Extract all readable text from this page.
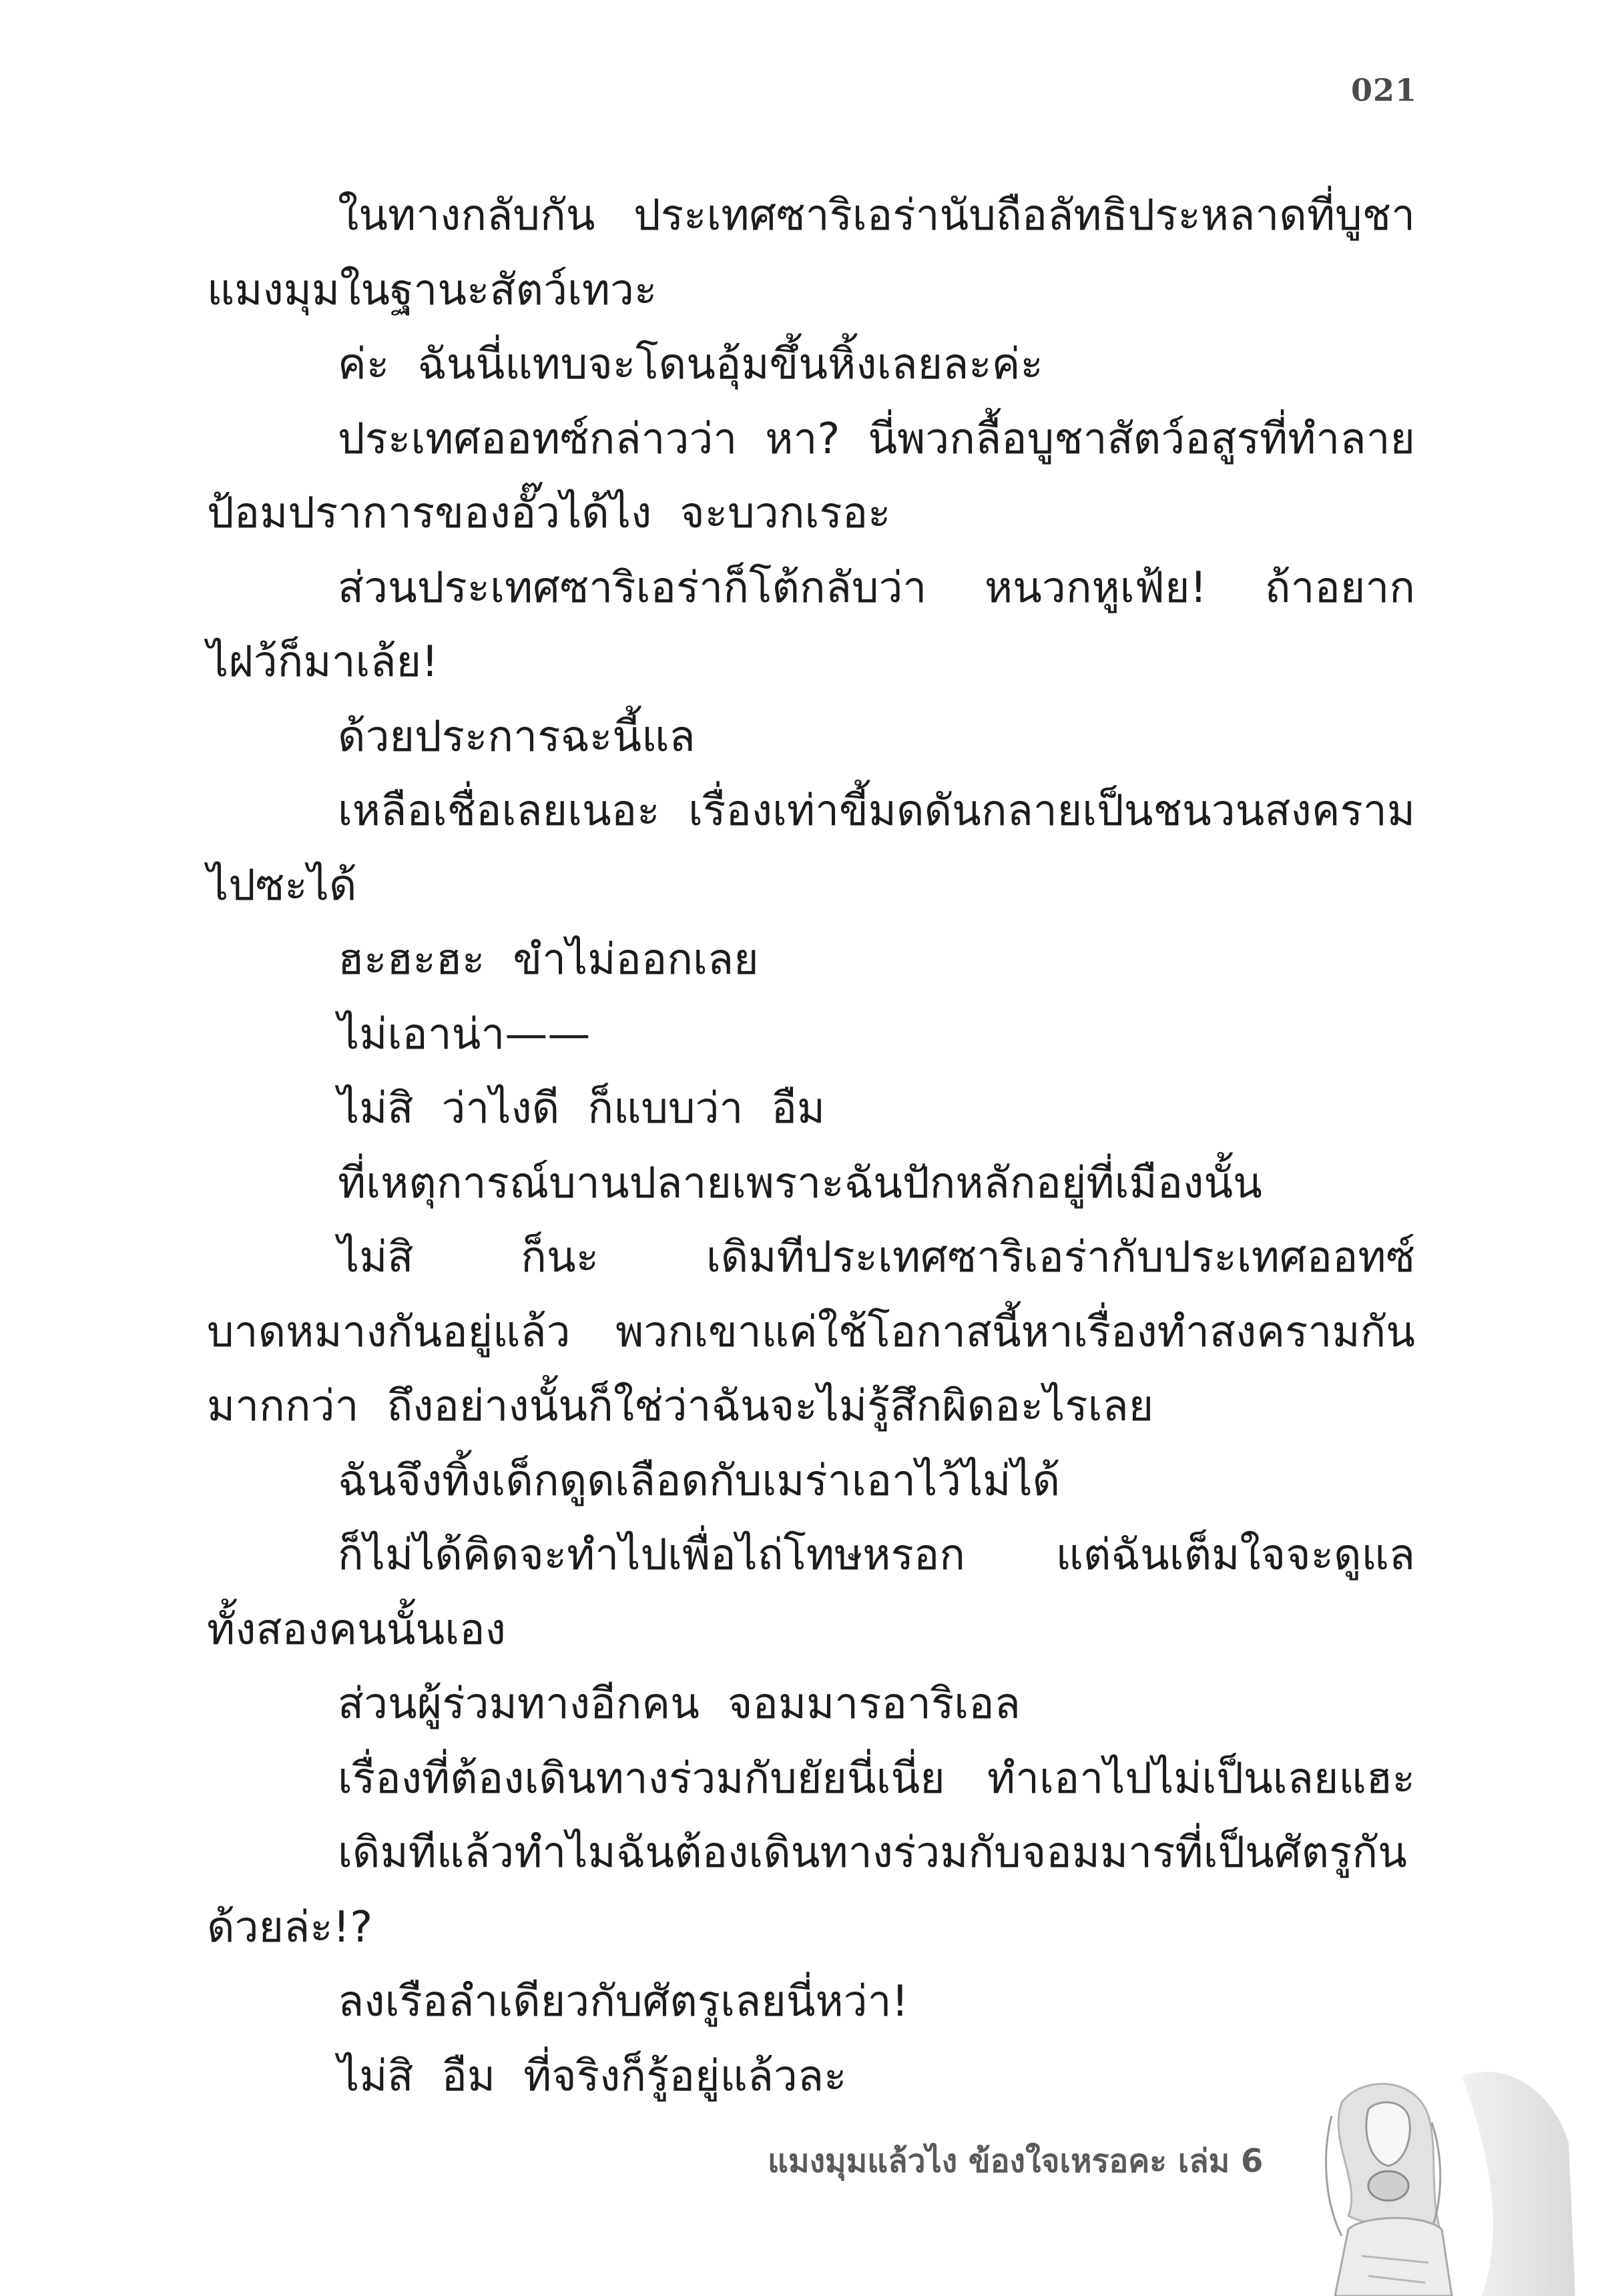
021
ในทางกลับกัน ประเทศซาริเอร่านับถือลัทธิประหลาดที่บูชา
แมงมุมในฐานะสัตว์เทวะ
ค่ะ ฉันนี่แทบจะโดนอุ้มขึ้นหิ้งเลยละค่ะ
ประเทศออทซ์กล่าวว่า หา? นี่พวกลื้อบูชาสัตว์อสูรที่ทำลาย
ป้อมปราการของอั๊วได้ไง จะบวกเรอะ
ส่วนประเทศซาริเอร่าก็โต้กลับว่า หนวกหูเฟ้ย! ถ้าอยาก
ไฝว้ก็มาเล้ย!
ด้วยประการฉะนี้แล
เหลือเชื่อเลยเนอะ เรื่องเท่าขี้มดดันกลายเป็นชนวนสงคราม
ไปซะได้
ฮะฮะฮะ ขำไม่ออกเลย
ไม่เอาน่า——
ไม่สิ ว่าไงดี ก็แบบว่า อืม
ที่เหตุการณ์บานปลายเพราะฉันปักหลักอยู่ที่เมืองนั้น
ไม่สิ	ก็นะ	เดิมทีประเทศซาริเอร่ากับประเทศออทซ์
บาดหมางกันอยู่แล้ว พวกเขาแค่ใช้โอกาสนี้หาเรื่องทำสงครามกัน
มากกว่า ถึงอย่างนั้นก็ใช่ว่าฉันจะไม่รู้สึกผิดอะไรเลย
ฉันจึงทิ้งเด็กดูดเลือดกับเมร่าเอาไว้ไม่ได้
ก็ไม่ได้คิดจะทำไปเพื่อไถ่โทษหรอก แต่ฉันเต็มใจจะดูแล
ทั้งสองคนนั้นเอง
ส่วนผู้ร่วมทางอีกคน จอมมารอาริเอล
เรื่องที่ต้องเดินทางร่วมกับยัยนี่เนี่ย ทำเอาไปไม่เป็นเลยแฮะ
เดิมทีแล้วทำไมฉันต้องเดินทางร่วมกับจอมมารที่เป็นศัตรูกัน
ด้วยล่ะ!?
ลงเรือลำเดียวกับศัตรูเลยนี่หว่า!
ไม่สิ อืม ที่จริงก็รู้อยู่แล้วละ
แมงมุมแล้วไง ข้องใจเหรอคะ เล่ม 6
